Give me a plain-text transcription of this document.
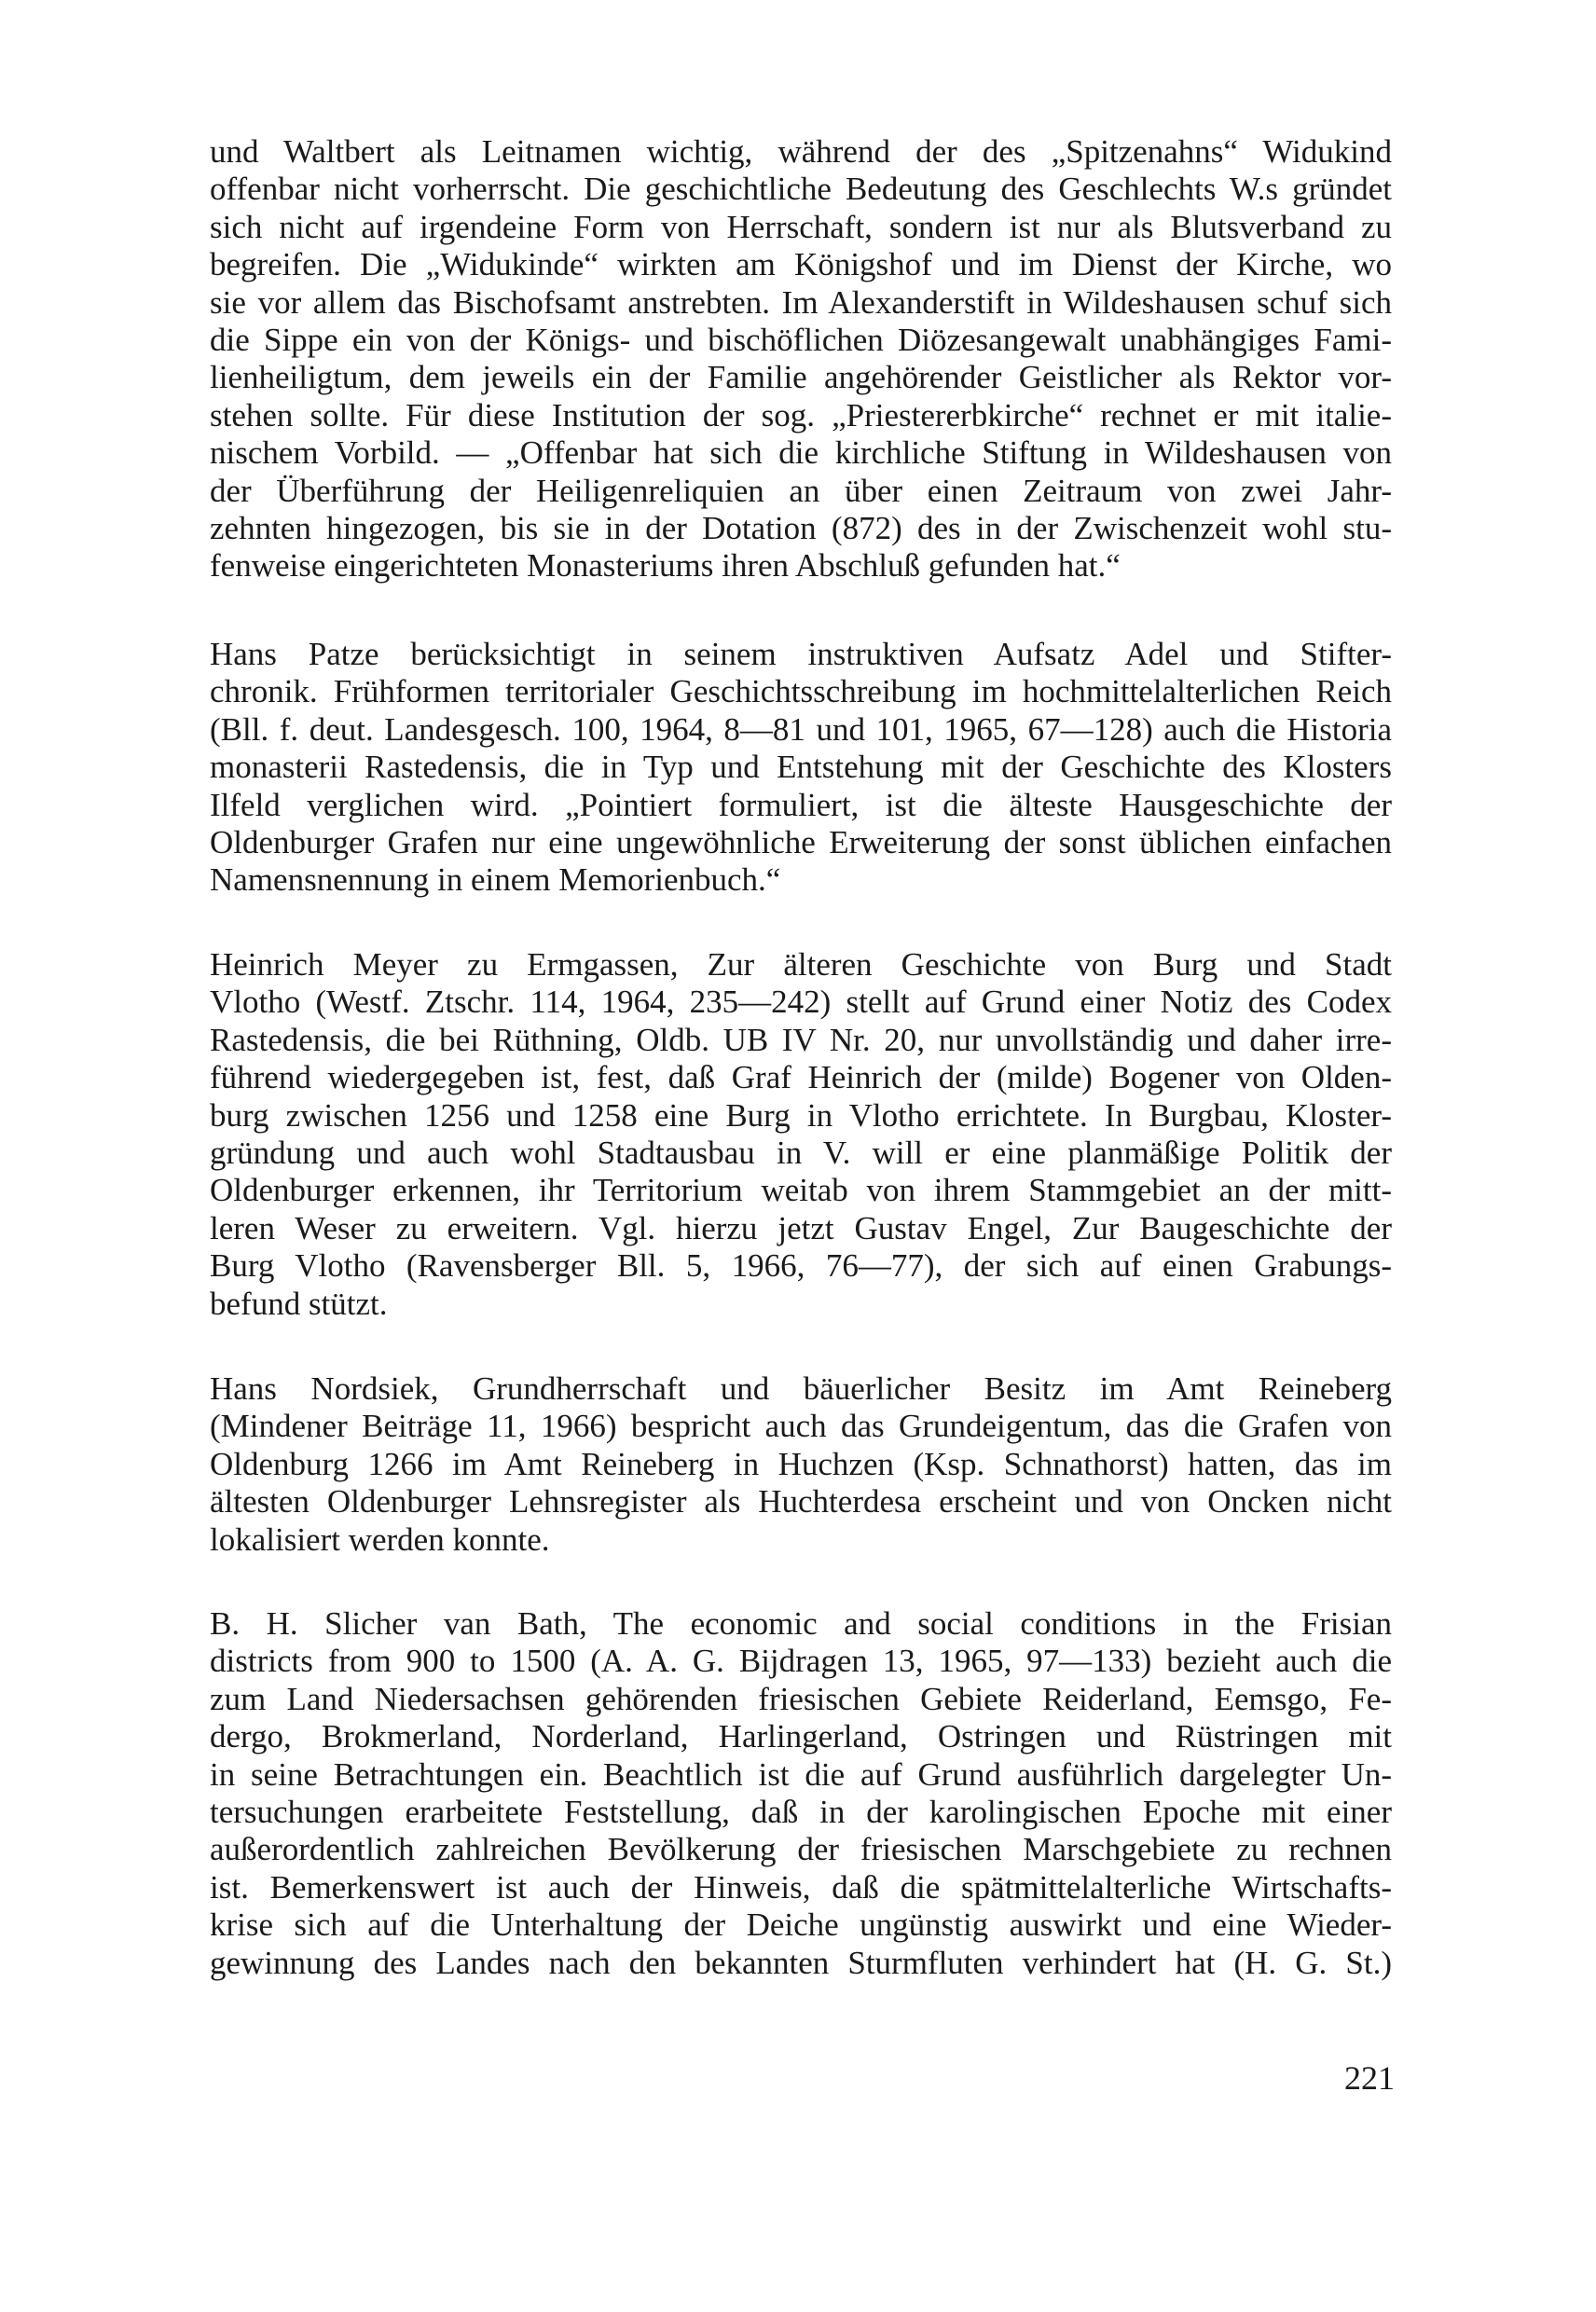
und Waltbert als Leitnamen wichtig, während der des „Spitzenahns“ Widukind
offenbar nicht vorherrscht. Die geschichtliche Bedeutung des Geschlechts W.s gründet
sich nicht auf irgendeine Form von Herrschaft, sondern ist nur als Blutsverband zu
begreifen. Die „Widukinde“ wirkten am Königshof und im Dienst der Kirche, wo
sie vor allem das Bischofsamt anstrebten. Im Alexanderstift in Wildeshausen schuf sich
die Sippe ein von der Königs- und bischöflichen Diözesangewalt unabhängiges Fami-
lienheiligtum, dem jeweils ein der Familie angehörender Geistlicher als Rektor vor-
stehen sollte. Für diese Institution der sog. „Priestererbkirche“ rechnet er mit italie-
nischem Vorbild. — „Offenbar hat sich die kirchliche Stiftung in Wildeshausen von
der Überführung der Heiligenreliquien an über einen Zeitraum von zwei Jahr-
zehnten hingezogen, bis sie in der Dotation (872) des in der Zwischenzeit wohl stu-
fenweise eingerichteten Monasteriums ihren Abschluß gefunden hat.“
Hans Patze berücksichtigt in seinem instruktiven Aufsatz Adel und Stifter-
chronik. Frühformen territorialer Geschichtsschreibung im hochmittelalterlichen Reich
(Bll. f. deut. Landesgesch. 100, 1964, 8—81 und 101, 1965, 67—128) auch die Historia
monasterii Rastedensis, die in Typ und Entstehung mit der Geschichte des Klosters
Ilfeld verglichen wird. „Pointiert formuliert, ist die älteste Hausgeschichte der
Oldenburger Grafen nur eine ungewöhnliche Erweiterung der sonst üblichen einfachen
Namensnennung in einem Memorienbuch.“
Heinrich Meyer zu Ermgassen, Zur älteren Geschichte von Burg und Stadt
Vlotho (Westf. Ztschr. 114, 1964, 235—242) stellt auf Grund einer Notiz des Codex
Rastedensis, die bei Rüthning, Oldb. UB IV Nr. 20, nur unvollständig und daher irre-
führend wiedergegeben ist, fest, daß Graf Heinrich der (milde) Bogener von Olden-
burg zwischen 1256 und 1258 eine Burg in Vlotho errichtete. In Burgbau, Kloster-
gründung und auch wohl Stadtausbau in V. will er eine planmäßige Politik der
Oldenburger erkennen, ihr Territorium weitab von ihrem Stammgebiet an der mitt-
leren Weser zu erweitern. Vgl. hierzu jetzt Gustav Engel, Zur Baugeschichte der
Burg Vlotho (Ravensberger Bll. 5, 1966, 76—77), der sich auf einen Grabungs-
befund stützt.
Hans Nordsiek, Grundherrschaft und bäuerlicher Besitz im Amt Reineberg
(Mindener Beiträge 11, 1966) bespricht auch das Grundeigentum, das die Grafen von
Oldenburg 1266 im Amt Reineberg in Huchzen (Ksp. Schnathorst) hatten, das im
ältesten Oldenburger Lehnsregister als Huchterdesa erscheint und von Oncken nicht
lokalisiert werden konnte.
B. H. Slicher van Bath, The economic and social conditions in the Frisian
districts from 900 to 1500 (A. A. G. Bijdragen 13, 1965, 97—133) bezieht auch die
zum Land Niedersachsen gehörenden friesischen Gebiete Reiderland, Eemsgo, Fe-
dergo, Brokmerland, Norderland, Harlingerland, Ostringen und Rüstringen mit
in seine Betrachtungen ein. Beachtlich ist die auf Grund ausführlich dargelegter Un-
tersuchungen erarbeitete Feststellung, daß in der karolingischen Epoche mit einer
außerordentlich zahlreichen Bevölkerung der friesischen Marschgebiete zu rechnen
ist. Bemerkenswert ist auch der Hinweis, daß die spätmittelalterliche Wirtschafts-
krise sich auf die Unterhaltung der Deiche ungünstig auswirkt und eine Wieder-
gewinnung des Landes nach den bekannten Sturmfluten verhindert hat (H. G. St.)
221
